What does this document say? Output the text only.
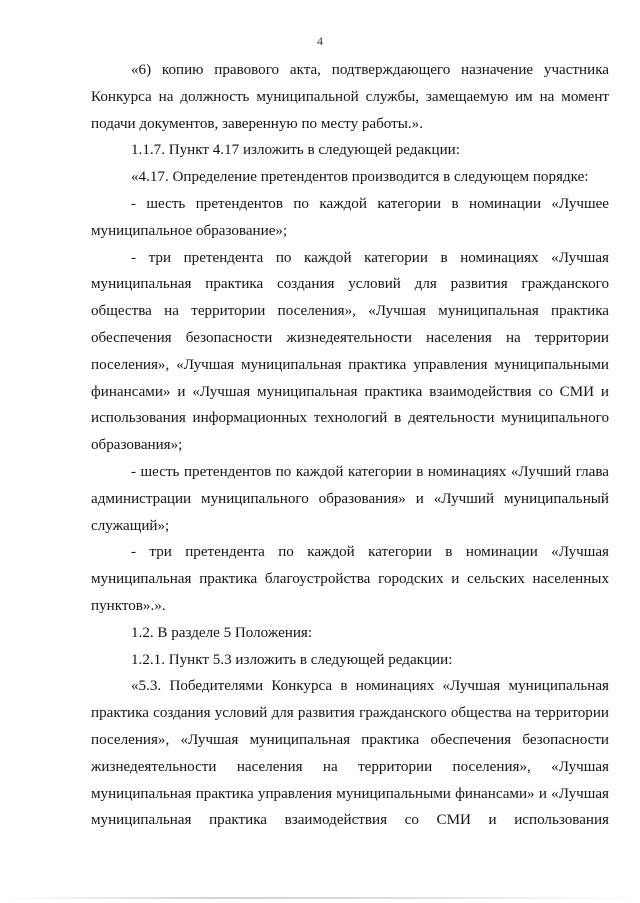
4
«6) копию правового акта, подтверждающего назначение участника
Конкурса на должность муниципальной службы, замещаемую им на момент
подачи документов, заверенную по месту работы.».
1.1.7. Пункт 4.17 изложить в следующей редакции:
«4.17. Определение претендентов производится в следующем порядке:
- шесть претендентов по каждой категории в номинации «Лучшее
муниципальное образование»;
- три претендента по каждой категории в номинациях «Лучшая
муниципальная практика создания условий для развития гражданского
общества на территории поселения», «Лучшая муниципальная практика
обеспечения безопасности жизнедеятельности населения на территории
поселения», «Лучшая муниципальная практика управления муниципальными
финансами» и «Лучшая муниципальная практика взаимодействия со СМИ и
использования информационных технологий в деятельности муниципального
образования»;
- шесть претендентов по каждой категории в номинациях «Лучший глава
администрации муниципального образования» и «Лучший муниципальный
служащий»;
- три претендента по каждой категории в номинации «Лучшая
муниципальная практика благоустройства городских и сельских населенных
пунктов».».
1.2. В разделе 5 Положения:
1.2.1. Пункт 5.3 изложить в следующей редакции:
«5.3. Победителями Конкурса в номинациях «Лучшая муниципальная
практика создания условий для развития гражданского общества на территории
поселения», «Лучшая муниципальная практика обеспечения безопасности
жизнедеятельности населения на территории поселения», «Лучшая
муниципальная практика управления муниципальными финансами» и «Лучшая
муниципальная практика взаимодействия со СМИ и использования
